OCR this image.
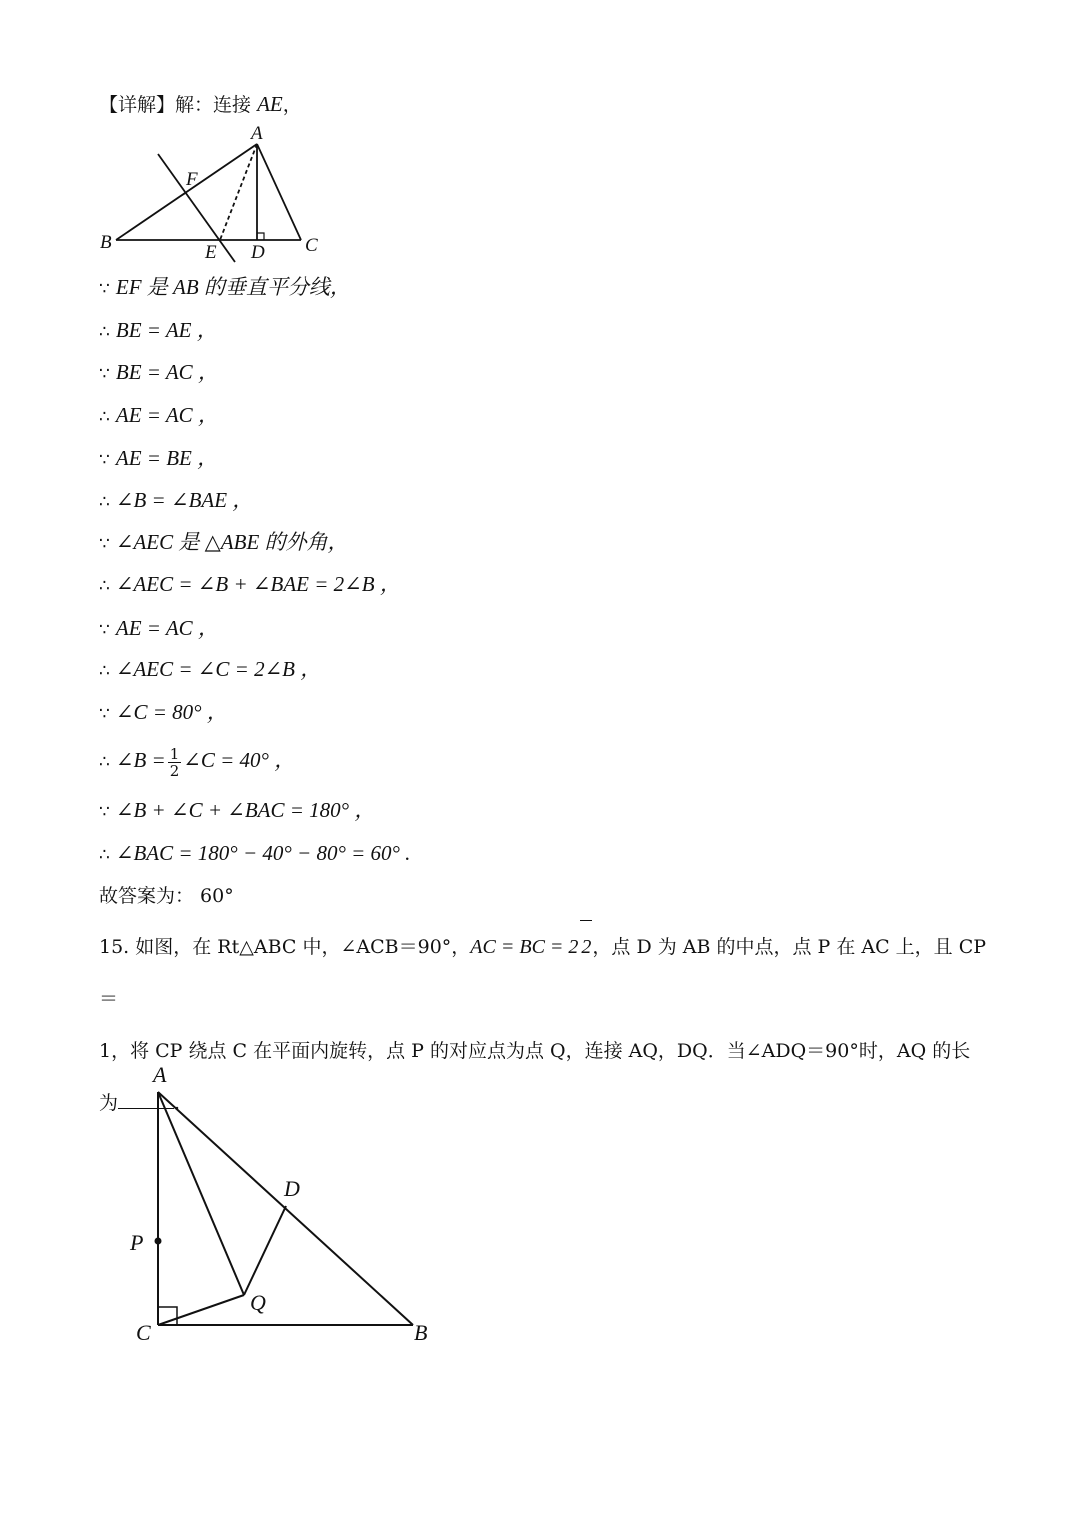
【详解】解：连接 AE，
A
B	C
D
E
F
∵ EF 是 AB 的垂直平分线，
∴ BE = AE ，
∵ BE = AC ，
∴ AE = AC ，
∵ AE = BE ，
∴ ∠B = ∠BAE ，
∵ ∠AEC 是 △ABE 的外角，
∴ ∠AEC = ∠B + ∠BAE = 2∠B ，
∵ AE = AC ，
∴ ∠AEC = ∠C = 2∠B ，
∵ ∠C = 80° ，
∴ ∠B = $\frac{1}{2}$ ∠C = 40° ，
∵ ∠B + ∠C + ∠BAC = 180° ，
∴ ∠BAC = 180° − 40° − 80° = 60° .
故答案为： 60°
15. 如图，在 Rt△ABC 中，∠ACB＝90°，AC = BC = 2 2，点 D 为 AB 的中点，点 P 在 AC 上，且 CP＝
1，将 CP 绕点 C 在平面内旋转，点 P 的对应点为点 Q，连接 AQ，DQ．当∠ADQ＝90°时，AQ 的长为	.
A
C	B
D
P
Q
